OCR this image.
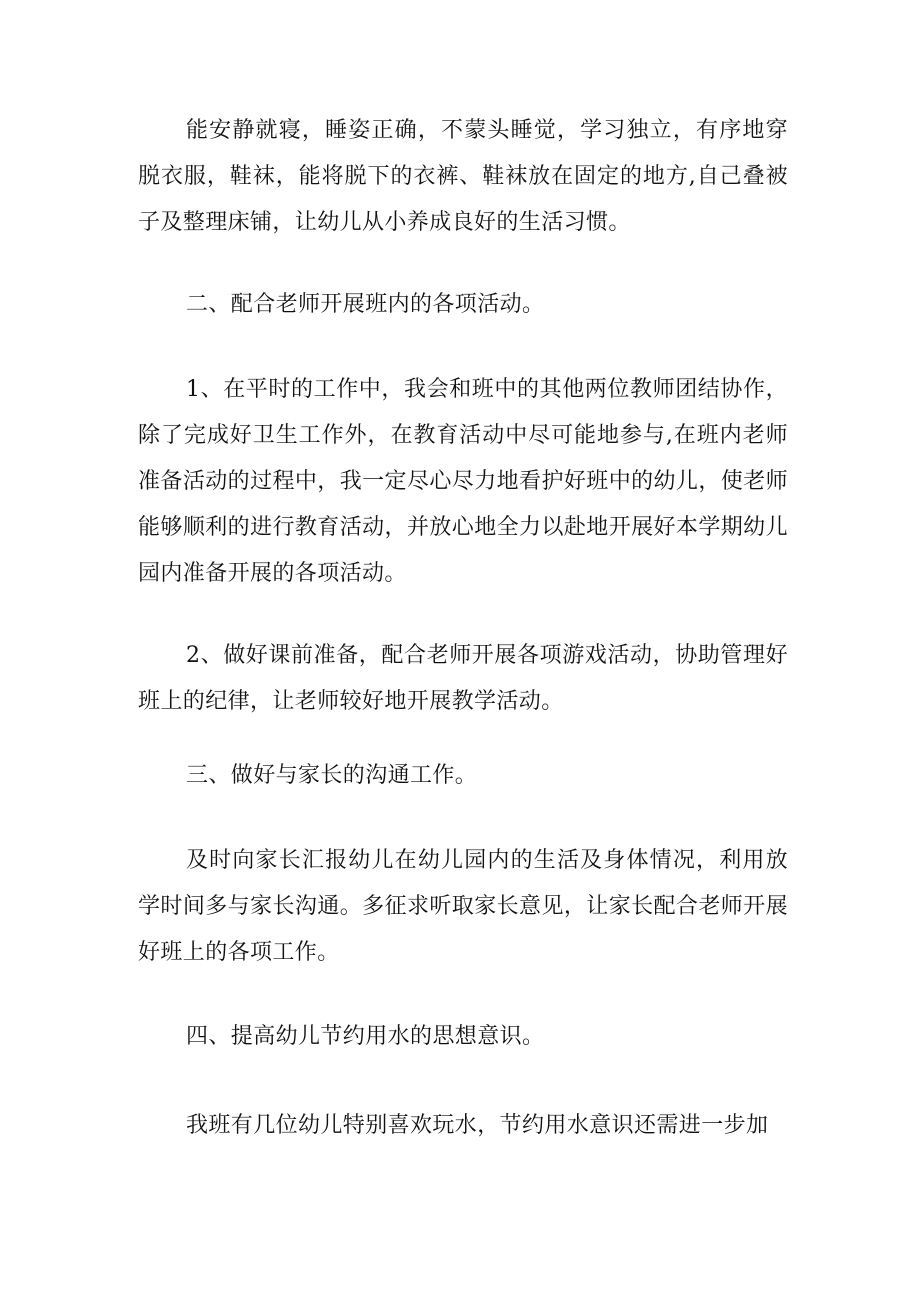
能安静就寝，睡姿正确，不蒙头睡觉，学习独立，有序地穿脱衣服，鞋袜，能将脱下的衣裤、鞋袜放在固定的地方,自己叠被子及整理床铺，让幼儿从小养成良好的生活习惯。

二、配合老师开展班内的各项活动。

1、在平时的工作中，我会和班中的其他两位教师团结协作，除了完成好卫生工作外，在教育活动中尽可能地参与,在班内老师准备活动的过程中，我一定尽心尽力地看护好班中的幼儿，使老师能够顺利的进行教育活动，并放心地全力以赴地开展好本学期幼儿园内准备开展的各项活动。

2、做好课前准备，配合老师开展各项游戏活动，协助管理好班上的纪律，让老师较好地开展教学活动。

三、做好与家长的沟通工作。

及时向家长汇报幼儿在幼儿园内的生活及身体情况，利用放学时间多与家长沟通。多征求听取家长意见，让家长配合老师开展好班上的各项工作。

四、提高幼儿节约用水的思想意识。

我班有几位幼儿特别喜欢玩水，节约用水意识还需进一步加
